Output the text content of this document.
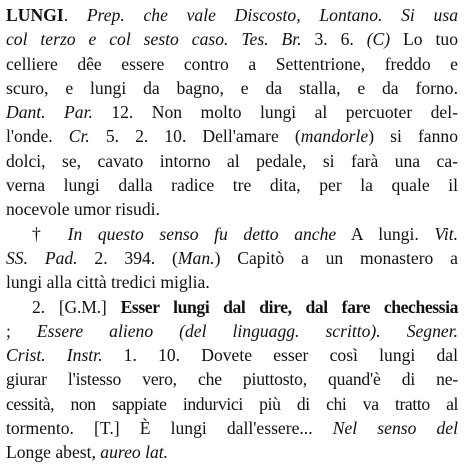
LUNGI. Prep. che vale Discosto, Lontano. Si usa
col terzo e col sesto caso. Tes. Br. 3. 6. (C) Lo tuo
celliere dêe essere contro a Settentrione, freddo e
scuro, e lungi da bagno, e da stalla, e da forno.
Dant. Par. 12. Non molto lungi al percuoter del-
l'onde. Cr. 5. 2. 10. Dell'amare (mandorle) si fanno
dolci, se, cavato intorno al pedale, si farà una ca-
verna lungi dalla radice tre dita, per la quale il
nocevole umor risudi.
† In questo senso fu detto anche A lungi. Vit.
SS. Pad. 2. 394. (Man.) Capitò a un monastero a
lungi alla città tredici miglia.
2. [G.M.] Esser lungi dal dire, dal fare chechessia
; Essere alieno (del linguagg. scritto). Segner.
Crist. Instr. 1. 10. Dovete esser così lungi dal
giurar l'istesso vero, che piuttosto, quand'è di ne-
cessità, non sappiate indurvici più di chi va tratto al
tormento. [T.] È lungi dall'essere... Nel senso del
Longe abest, aureo lat.
